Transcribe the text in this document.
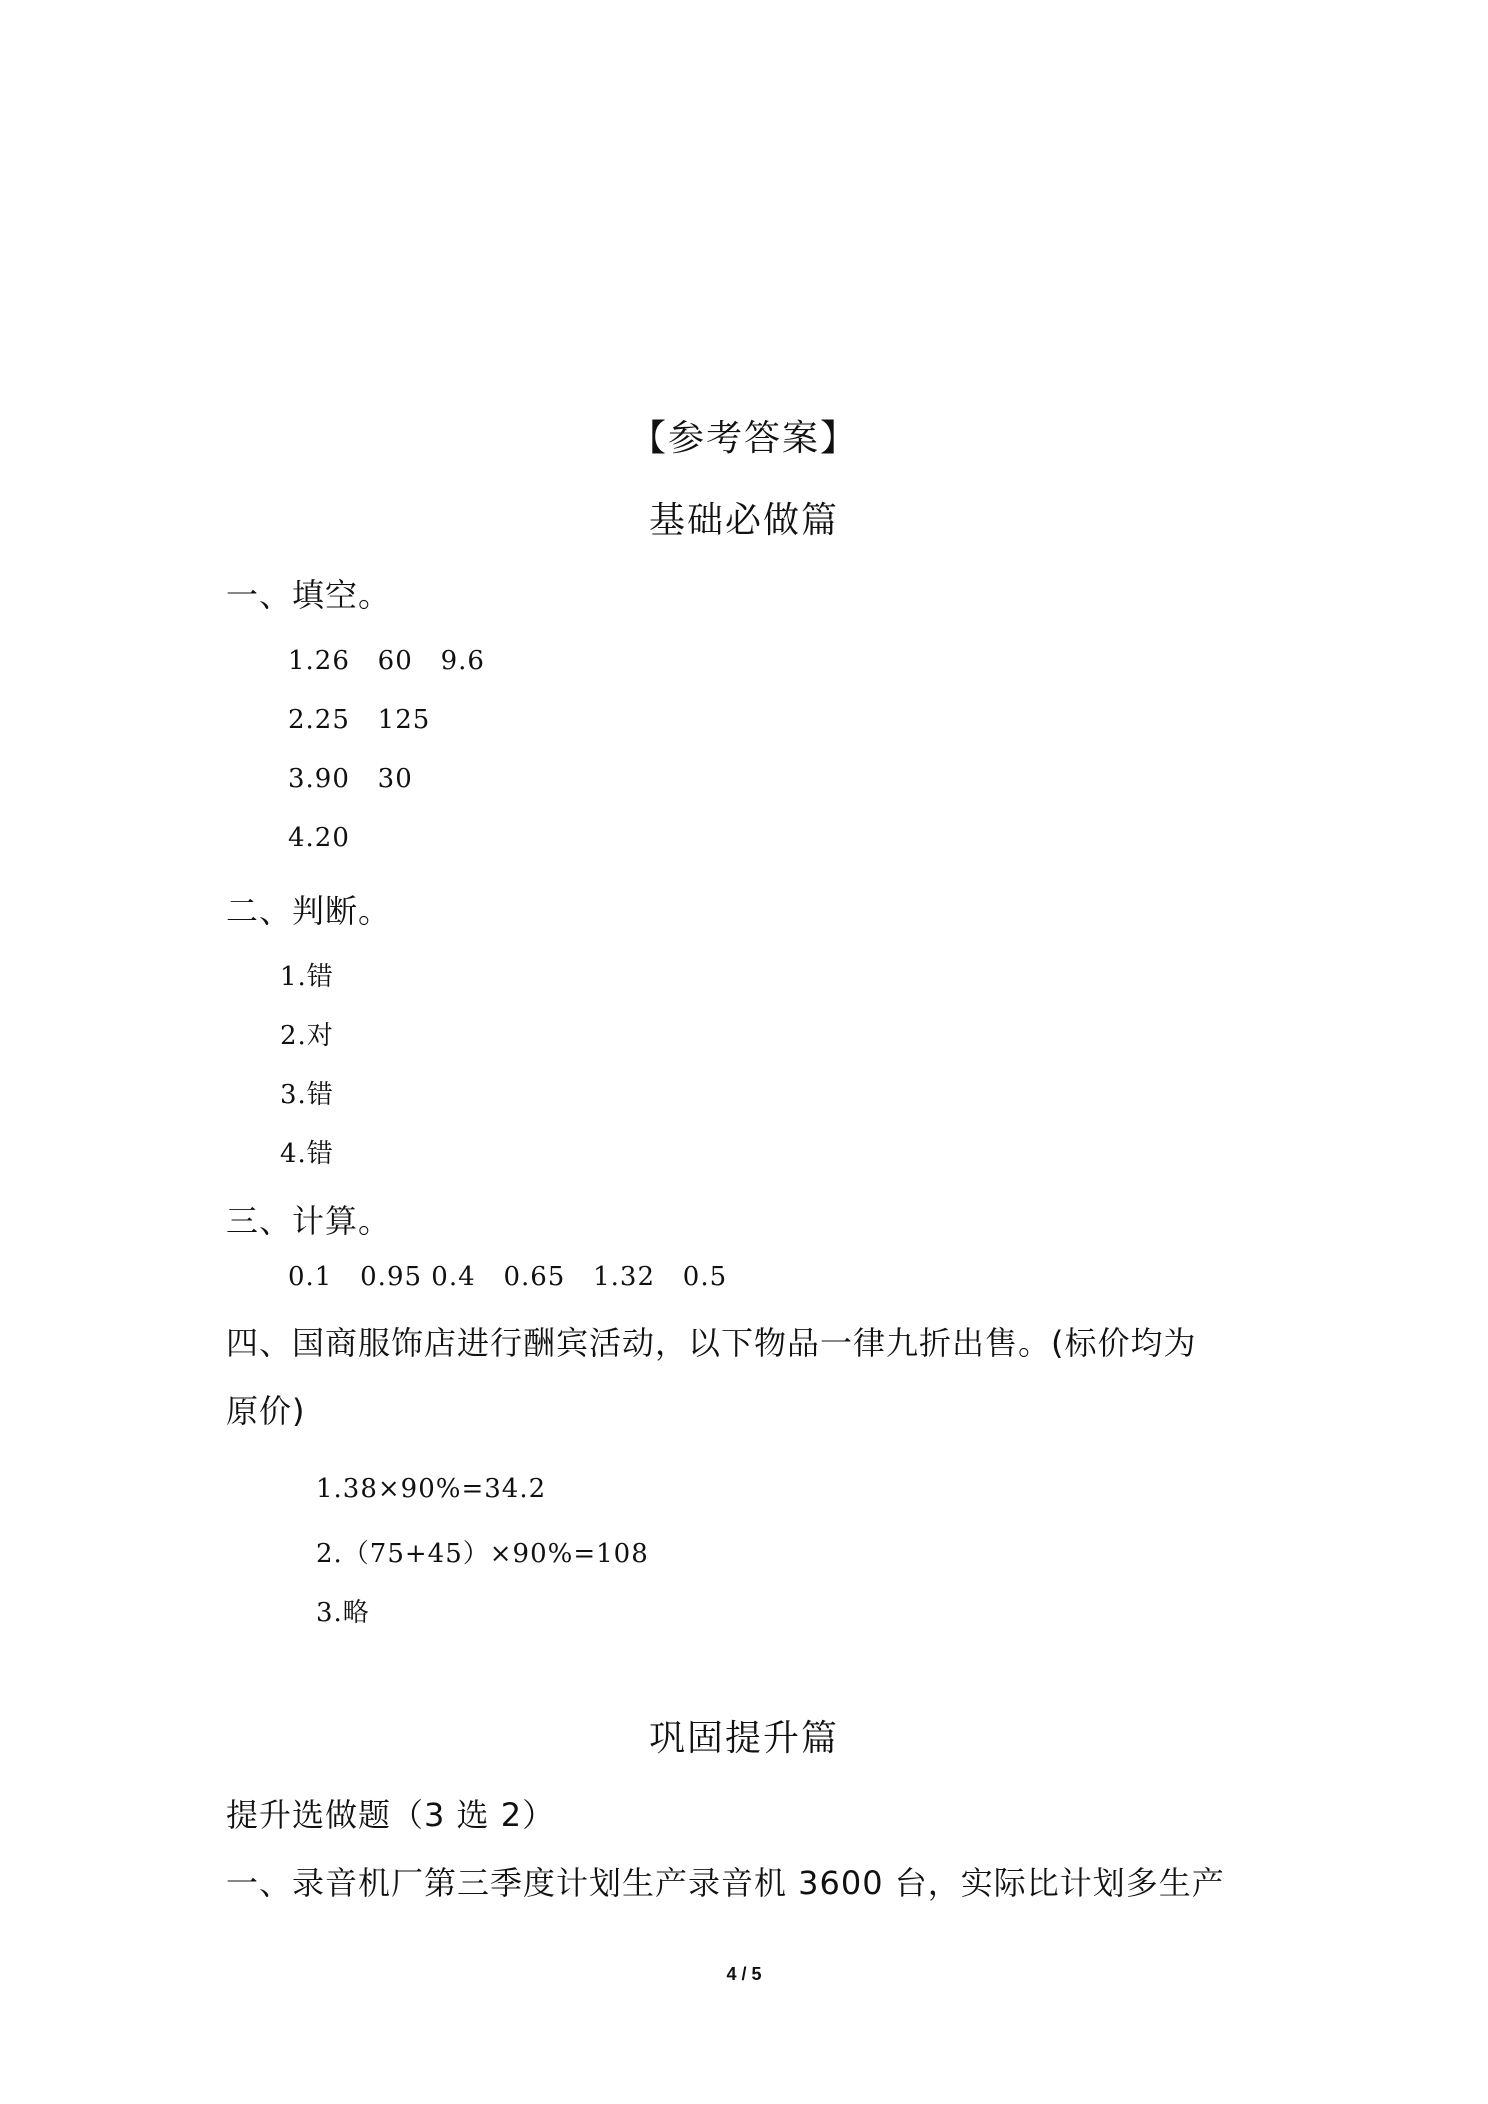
【参考答案】
基础必做篇
一、填空。
1.26   60   9.6
2.25   125
3.90   30
4.20
二、判断。
1.错
2.对
3.错
4.错
三、计算。
0.1   0.95 0.4   0.65   1.32   0.5
四、国商服饰店进行酬宾活动，以下物品一律九折出售。(标价均为
原价)
1.38×90%=34.2
2.（75+45）×90%=108
3.略
巩固提升篇
提升选做题（3 选 2）
一、录音机厂第三季度计划生产录音机 3600 台，实际比计划多生产
4 / 5
